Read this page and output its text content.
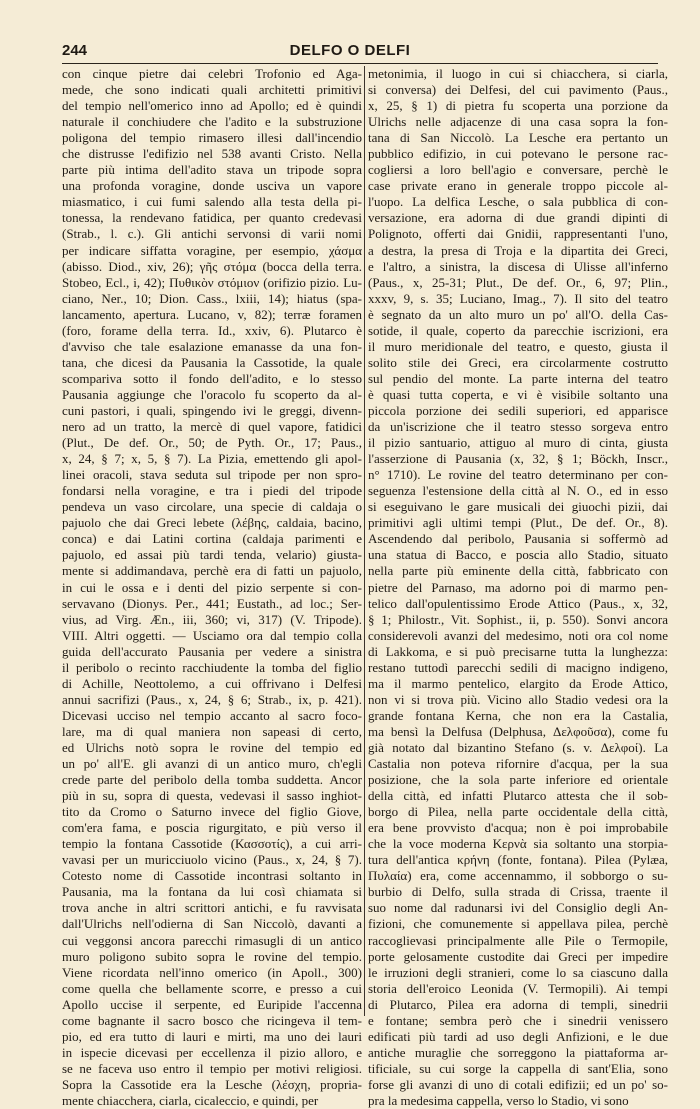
244	DELFO O DELFI
con cinque pietre dai celebri Trofonio ed Aga-
mede, che sono indicati quali architetti primitivi
del tempio nell'omerico inno ad Apollo; ed è quindi
naturale il conchiudere che l'adito e la substruzione
poligona del tempio rimasero illesi dall'incendio
che distrusse l'edifizio nel 538 avanti Cristo. Nella
parte più intima dell'adito stava un tripode sopra
una profonda voragine, donde usciva un vapore
miasmatico, i cui fumi salendo alla testa della pi-
tonessa, la rendevano fatidica, per quanto credevasi
(Strab., l. c.). Gli antichi servonsi di varii nomi
per indicare siffatta voragine, per esempio, χάσμα
(abisso. Diod., xiv, 26); γῆς στόμα (bocca della terra.
Stobeo, Ecl., i, 42); Πυθικὸν στόμιον (orifizio pizio. Lu-
ciano, Ner., 10; Dion. Cass., lxiii, 14); hiatus (spa-
lancamento, apertura. Lucano, v, 82); terræ foramen
(foro, forame della terra. Id., xxiv, 6). Plutarco è
d'avviso che tale esalazione emanasse da una fon-
tana, che dicesi da Pausania la Cassotide, la quale
scompariva sotto il fondo dell'adito, e lo stesso
Pausania aggiunge che l'oracolo fu scoperto da al-
cuni pastori, i quali, spingendo ivi le greggi, divenn-
nero ad un tratto, la mercè di quel vapore, fatidici
(Plut., De def. Or., 50; de Pyth. Or., 17; Paus.,
x, 24, § 7; x, 5, § 7). La Pizia, emettendo gli apol-
linei oracoli, stava seduta sul tripode per non spro-
fondarsi nella voragine, e tra i piedi del tripode
pendeva un vaso circolare, una specie di caldaja o
pajuolo che dai Greci lebete (λέβης, caldaia, bacino,
conca) e dai Latini cortina (caldaja parimenti e
pajuolo, ed assai più tardi tenda, velario) giusta-
mente si addimandava, perchè era di fatti un pajuolo,
in cui le ossa e i denti del pizio serpente si con-
servavano (Dionys. Per., 441; Eustath., ad loc.; Ser-
vius, ad Virg. Æn., iii, 360; vi, 317) (V. Tripode).
VIII. Altri oggetti. — Usciamo ora dal tempio colla
guida dell'accurato Pausania per vedere a sinistra
il peribolo o recinto racchiudente la tomba del figlio
di Achille, Neottolemo, a cui offrivano i Delfesi
annui sacrifizi (Paus., x, 24, § 6; Strab., ix, p. 421).
Dicevasi ucciso nel tempio accanto al sacro foco-
lare, ma di qual maniera non sapeasi di certo,
ed Ulrichs notò sopra le rovine del tempio ed
un po' all'E. gli avanzi di un antico muro, ch'egli
crede parte del peribolo della tomba suddetta. Ancor
più in su, sopra di questa, vedevasi il sasso inghiot-
tito da Cromo o Saturno invece del figlio Giove,
com'era fama, e poscia rigurgitato, e più verso il
tempio la fontana Cassotide (Κασσοτίς), a cui arri-
vavasi per un muricciuolo vicino (Paus., x, 24, § 7).
Cotesto nome di Cassotide incontrasi soltanto in
Pausania, ma la fontana da lui così chiamata si
trova anche in altri scrittori antichi, e fu ravvisata
dall'Ulrichs nell'odierna di San Niccolò, davanti a
cui veggonsi ancora parecchi rimasugli di un antico
muro poligono subito sopra le rovine del tempio.
Viene ricordata nell'inno omerico (in Apoll., 300)
come quella che bellamente scorre, e presso a cui
Apollo uccise il serpente, ed Euripide l'accenna
come bagnante il sacro bosco che ricingeva il tem-
pio, ed era tutto di lauri e mirti, ma uno dei lauri
in ispecie dicevasi per eccellenza il pizio alloro, e
se ne faceva uso entro il tempio per motivi religiosi.
Sopra la Cassotide era la Lesche (λέσχη, propria-
mente chiacchera, ciarla, cicaleccio, e quindi, per
metonimia, il luogo in cui si chiacchera, si ciarla,
si conversa) dei Delfesi, del cui pavimento (Paus.,
x, 25, § 1) di pietra fu scoperta una porzione da
Ulrichs nelle adjacenze di una casa sopra la fon-
tana di San Niccolò. La Lesche era pertanto un
pubblico edifizio, in cui potevano le persone rac-
cogliersi a loro bell'agio e conversare, perchè le
case private erano in generale troppo piccole al-
l'uopo. La delfica Lesche, o sala pubblica di con-
versazione, era adorna di due grandi dipinti di
Polignoto, offerti dai Gnidii, rappresentanti l'uno,
a destra, la presa di Troja e la dipartita dei Greci,
e l'altro, a sinistra, la discesa di Ulisse all'inferno
(Paus., x, 25-31; Plut., De def. Or., 6, 97; Plin.,
xxxv, 9, s. 35; Luciano, Imag., 7). Il sito del teatro
è segnato da un alto muro un po' all'O. della Cas-
sotide, il quale, coperto da parecchie iscrizioni, era
il muro meridionale del teatro, e questo, giusta il
solito stile dei Greci, era circolarmente costrutto
sul pendio del monte. La parte interna del teatro
è quasi tutta coperta, e vi è visibile soltanto una
piccola porzione dei sedili superiori, ed apparisce
da un'iscrizione che il teatro stesso sorgeva entro
il pizio santuario, attiguo al muro di cinta, giusta
l'asserzione di Pausania (x, 32, § 1; Böckh, Inscr.,
n° 1710). Le rovine del teatro determinano per con-
seguenza l'estensione della città al N. O., ed in esso
si eseguivano le gare musicali dei giuochi pizii, dai
primitivi agli ultimi tempi (Plut., De def. Or., 8).
Ascendendo dal peribolo, Pausania si soffermò ad
una statua di Bacco, e poscia allo Stadio, situato
nella parte più eminente della città, fabbricato con
pietre del Parnaso, ma adorno poi di marmo pen-
telico dall'opulentissimo Erode Attico (Paus., x, 32,
§ 1; Philostr., Vit. Sophist., ii, p. 550). Sonvi ancora
considerevoli avanzi del medesimo, noti ora col nome
di Lakkoma, e si può precisarne tutta la lunghezza:
restano tuttodì parecchi sedili di macigno indigeno,
ma il marmo pentelico, elargito da Erode Attico,
non vi si trova più. Vicino allo Stadio vedesi ora la
grande fontana Kerna, che non era la Castalia,
ma bensì la Delfusa (Delphusa, Δελφοῦσα), come fu
già notato dal bizantino Stefano (s. v. Δελφοί). La
Castalia non poteva rifornire d'acqua, per la sua
posizione, che la sola parte inferiore ed orientale
della città, ed infatti Plutarco attesta che il sob-
borgo di Pilea, nella parte occidentale della città,
era bene provvisto d'acqua; non è poi improbabile
che la voce moderna Κερνὰ sia soltanto una storpia-
tura dell'antica κρήνη (fonte, fontana). Pilea (Pylæa,
Πυλαία) era, come accennammo, il sobborgo o su-
burbio di Delfo, sulla strada di Crissa, traente il
suo nome dal radunarsi ivi del Consiglio degli An-
fizioni, che comunemente si appellava pilea, perchè
raccoglievasi principalmente alle Pile o Termopile,
porte gelosamente custodite dai Greci per impedire
le irruzioni degli stranieri, come lo sa ciascuno dalla
storia dell'eroico Leonida (V. Termopili). Ai tempi
di Plutarco, Pilea era adorna di templi, sinedrii
e fontane; sembra però che i sinedrii venissero
edificati più tardi ad uso degli Anfizioni, e le due
antiche muraglie che sorreggono la piattaforma ar-
tificiale, su cui sorge la cappella di sant'Elia, sono
forse gli avanzi di uno di cotali edifizii; ed un po' so-
pra la medesima cappella, verso lo Stadio, vi sono
